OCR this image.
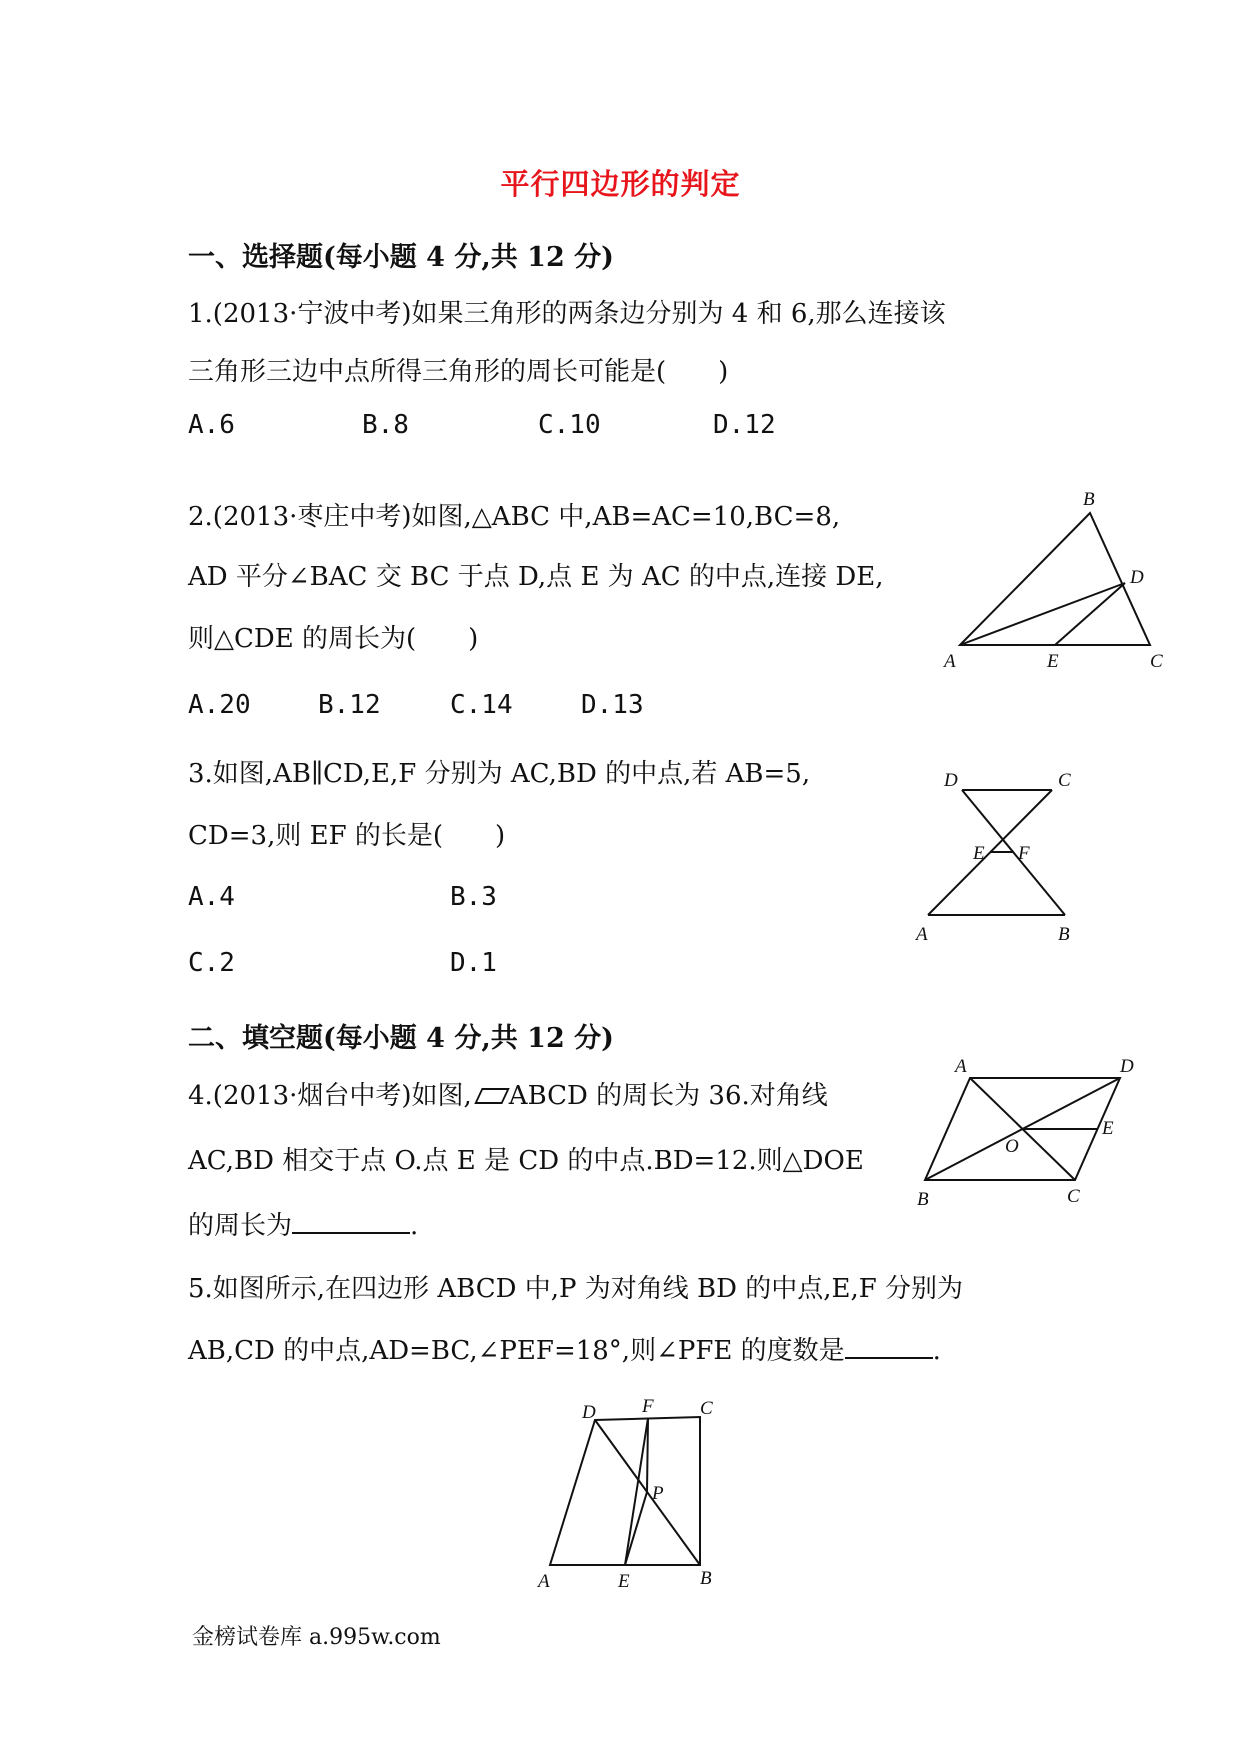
平行四边形的判定
一、选择题(每小题 4 分,共 12 分)
1.(2013·宁波中考)如果三角形的两条边分别为 4 和 6,那么连接该
三角形三边中点所得三角形的周长可能是(　　)
A.6	B.8	C.10	D.12
2.(2013·枣庄中考)如图,△ABC 中,AB=AC=10,BC=8,
AD 平分∠BAC 交 BC 于点 D,点 E 为 AC 的中点,连接 DE,
则△CDE 的周长为(　　)
A.20	B.12	C.14	D.13
B
D
A	E	C
3.如图,AB∥CD,E,F 分别为 AC,BD 的中点,若 AB=5,
CD=3,则 EF 的长是(　　)
A.4	B.3
C.2	D.1
D	C
E F
A	B
二、填空题(每小题 4 分,共 12 分)
4.(2013·烟台中考)如图, ABCD 的周长为 36.对角线
AC,BD 相交于点 O.点 E 是 CD 的中点.BD=12.则△DOE
的周长为	.
A	D
O
E
B	C
5.如图所示,在四边形 ABCD 中,P 为对角线 BD 的中点,E,F 分别为
AB,CD 的中点,AD=BC,∠PEF=18°,则∠PFE 的度数是	.
D F C
P
A	E	B
金榜试卷库 a.995w.com
